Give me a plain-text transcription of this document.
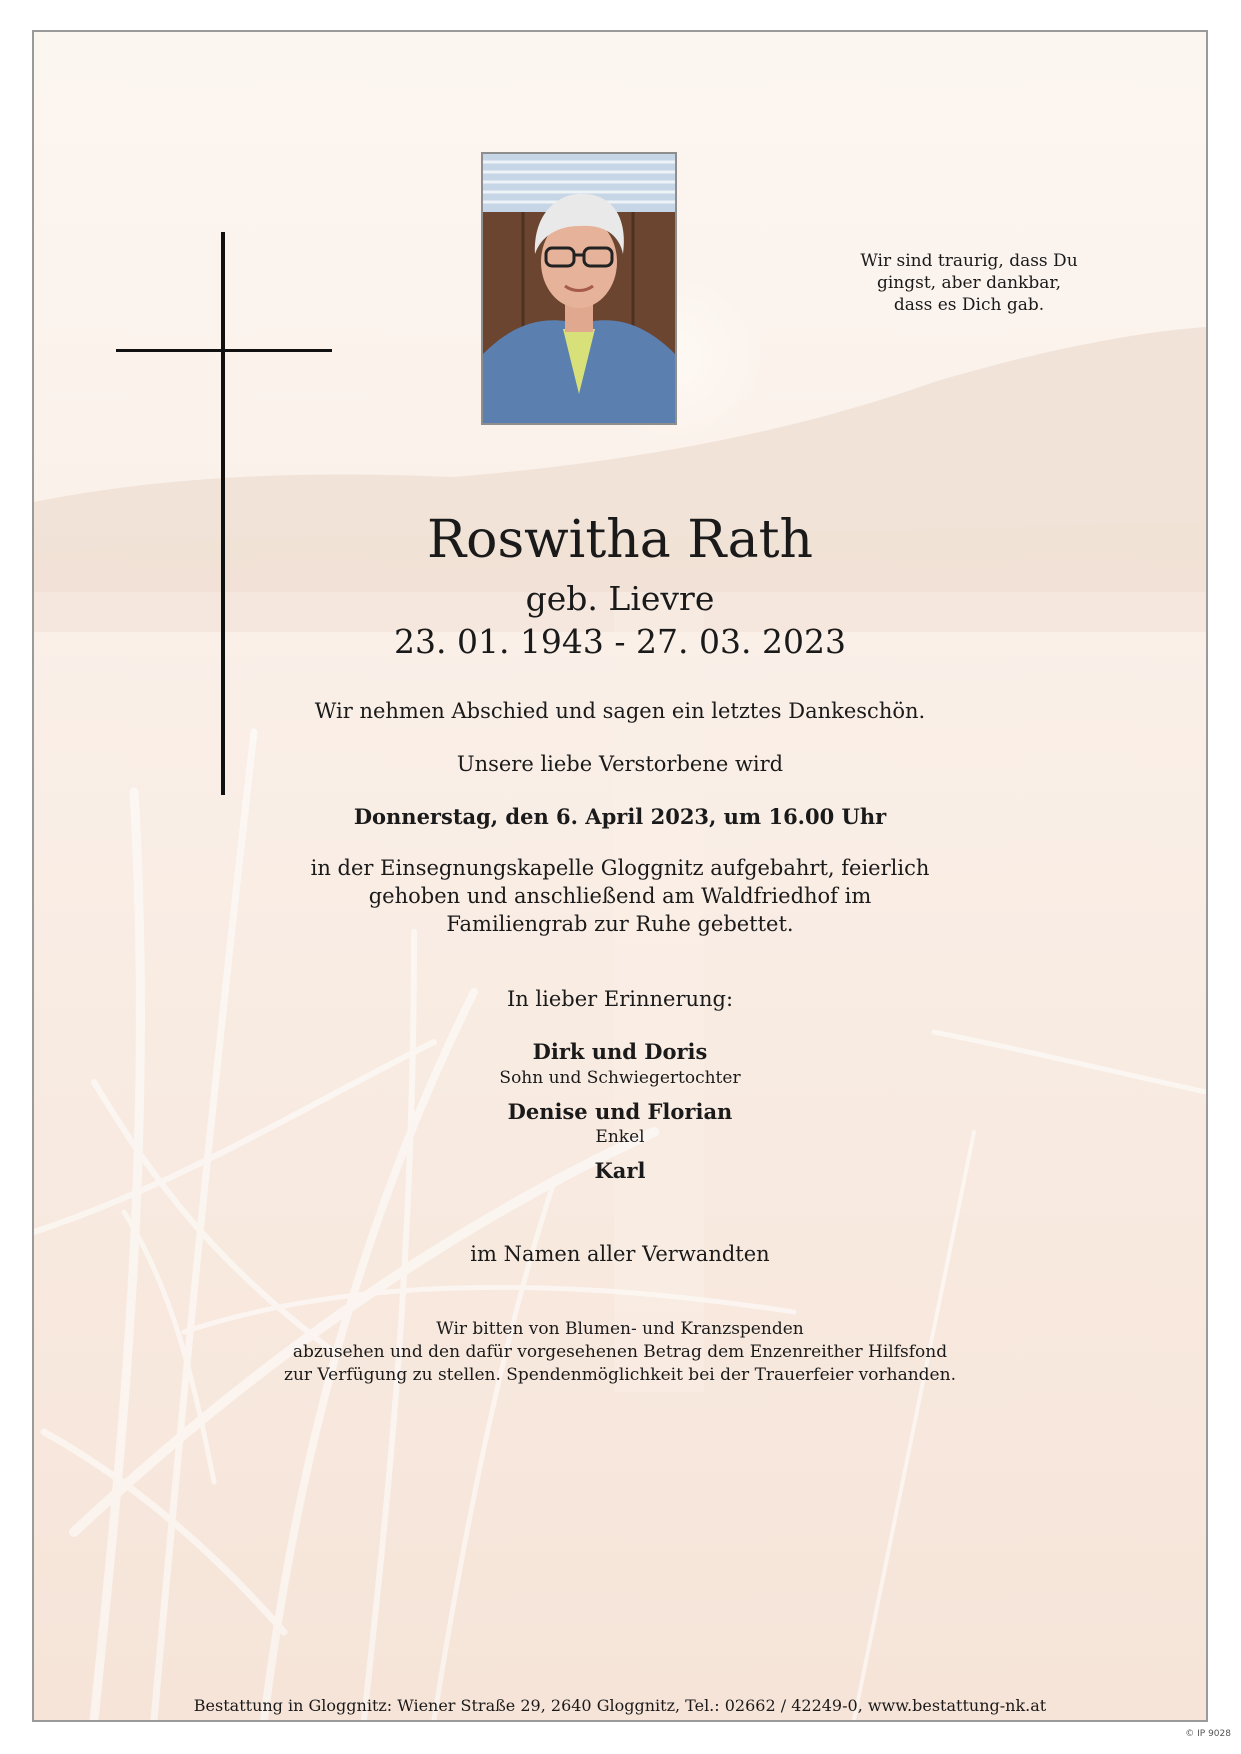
Wir sind traurig, dass Du
gingst, aber dankbar,
dass es Dich gab.
Roswitha Rath
geb. Lievre
23. 01. 1943 - 27. 03. 2023
Wir nehmen Abschied und sagen ein letztes Dankeschön.
Unsere liebe Verstorbene wird
Donnerstag, den 6. April 2023, um 16.00 Uhr
in der Einsegnungskapelle Gloggnitz aufgebahrt, feierlich
gehoben und anschließend am Waldfriedhof im
Familiengrab zur Ruhe gebettet.
In lieber Erinnerung:
Dirk und Doris
Sohn und Schwiegertochter
Denise und Florian
Enkel
Karl
im Namen aller Verwandten
Wir bitten von Blumen- und Kranzspenden
abzusehen und den dafür vorgesehenen Betrag dem Enzenreither Hilfsfond
zur Verfügung zu stellen. Spendenmöglichkeit bei der Trauerfeier vorhanden.
Bestattung in Gloggnitz: Wiener Straße 29, 2640 Gloggnitz, Tel.: 02662 / 42249-0, www.bestattung-nk.at
© IP 9028
